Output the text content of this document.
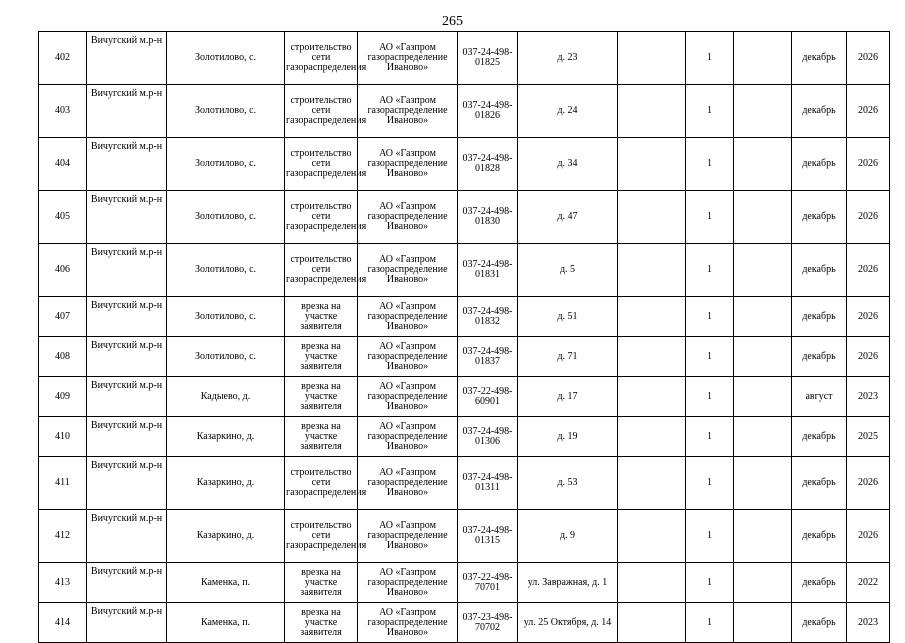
265
402	Вичугский м.р-н	Золотилово, с.	строительство сети газораспределения	АО «Газпром газораспределение Иваново»	037-24-498-01825	д. 23		1		декабрь	2026
403	Вичугский м.р-н	Золотилово, с.	строительство сети газораспределения	АО «Газпром газораспределение Иваново»	037-24-498-01826	д. 24		1		декабрь	2026
404	Вичугский м.р-н	Золотилово, с.	строительство сети газораспределения	АО «Газпром газораспределение Иваново»	037-24-498-01828	д. 34		1		декабрь	2026
405	Вичугский м.р-н	Золотилово, с.	строительство сети газораспределения	АО «Газпром газораспределение Иваново»	037-24-498-01830	д. 47		1		декабрь	2026
406	Вичугский м.р-н	Золотилово, с.	строительство сети газораспределения	АО «Газпром газораспределение Иваново»	037-24-498-01831	д. 5		1		декабрь	2026
407	Вичугский м.р-н	Золотилово, с.	врезка на участке заявителя	АО «Газпром газораспределение Иваново»	037-24-498-01832	д. 51		1		декабрь	2026
408	Вичугский м.р-н	Золотилово, с.	врезка на участке заявителя	АО «Газпром газораспределение Иваново»	037-24-498-01837	д. 71		1		декабрь	2026
409	Вичугский м.р-н	Кадыево, д.	врезка на участке заявителя	АО «Газпром газораспределение Иваново»	037-22-498-60901	д. 17		1		август	2023
410	Вичугский м.р-н	Казаркино, д.	врезка на участке заявителя	АО «Газпром газораспределение Иваново»	037-24-498-01306	д. 19		1		декабрь	2025
411	Вичугский м.р-н	Казаркино, д.	строительство сети газораспределения	АО «Газпром газораспределение Иваново»	037-24-498-01311	д. 53		1		декабрь	2026
412	Вичугский м.р-н	Казаркино, д.	строительство сети газораспределения	АО «Газпром газораспределение Иваново»	037-24-498-01315	д. 9		1		декабрь	2026
413	Вичугский м.р-н	Каменка, п.	врезка на участке заявителя	АО «Газпром газораспределение Иваново»	037-22-498-70701	ул. Завражная, д. 1		1		декабрь	2022
414	Вичугский м.р-н	Каменка, п.	врезка на участке заявителя	АО «Газпром газораспределение Иваново»	037-23-498-70702	ул. 25 Октября, д. 14		1		декабрь	2023
